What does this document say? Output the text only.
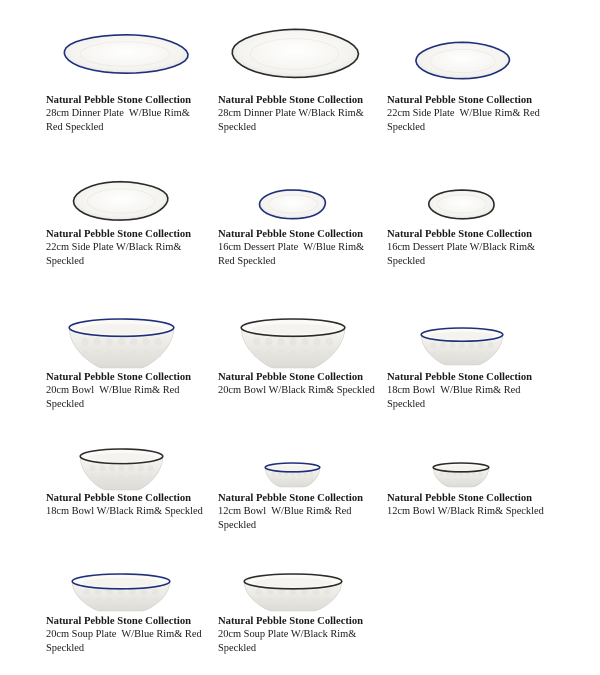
Natural Pebble Stone Collection
28cm Dinner Plate  W/Blue Rim&
Red Speckled
Natural Pebble Stone Collection
28cm Dinner Plate W/Black Rim&
Speckled
Natural Pebble Stone Collection
22cm Side Plate  W/Blue Rim& Red
Speckled
Natural Pebble Stone Collection
22cm Side Plate W/Black Rim&
Speckled
Natural Pebble Stone Collection
16cm Dessert Plate  W/Blue Rim&
Red Speckled
Natural Pebble Stone Collection
16cm Dessert Plate W/Black Rim&
Speckled
Natural Pebble Stone Collection
20cm Bowl  W/Blue Rim& Red
Speckled
Natural Pebble Stone Collection
20cm Bowl W/Black Rim& Speckled
Natural Pebble Stone Collection
18cm Bowl  W/Blue Rim& Red
Speckled
Natural Pebble Stone Collection
18cm Bowl W/Black Rim& Speckled
Natural Pebble Stone Collection
12cm Bowl  W/Blue Rim& Red
Speckled
Natural Pebble Stone Collection
12cm Bowl W/Black Rim& Speckled
Natural Pebble Stone Collection
20cm Soup Plate  W/Blue Rim& Red
Speckled
Natural Pebble Stone Collection
20cm Soup Plate W/Black Rim&
Speckled
